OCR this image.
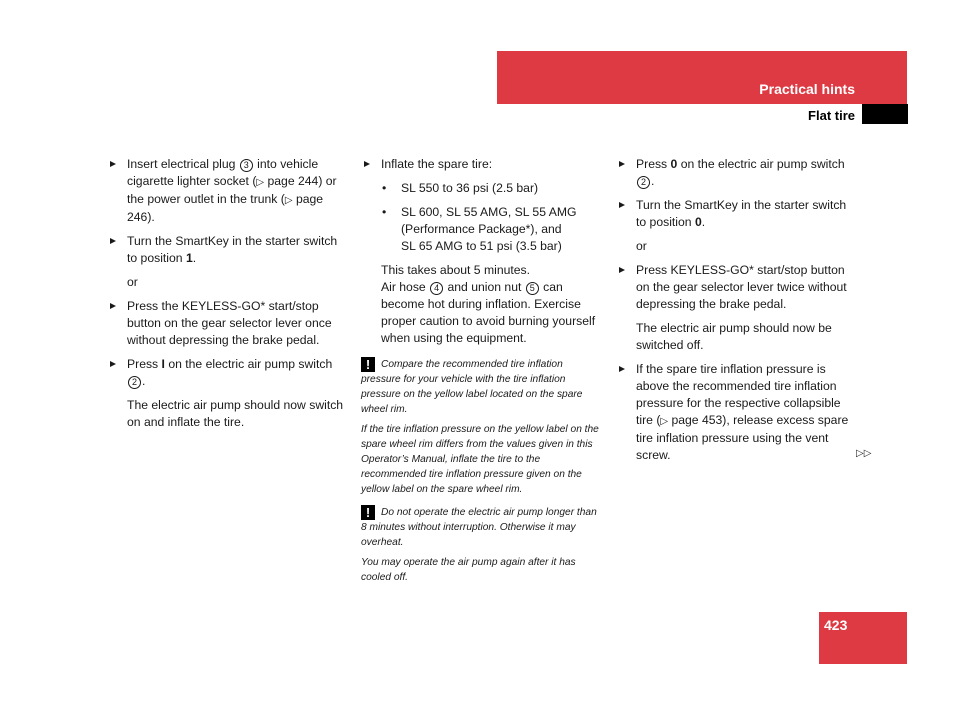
Practical hints
Flat tire
Insert electrical plug 3 into vehicle cigarette lighter socket (▷ page 244) or the power outlet in the trunk (▷ page 246).
Turn the SmartKey in the starter switch to position 1.
or
Press the KEYLESS-GO* start/stop button on the gear selector lever once without depressing the brake pedal.
Press I on the electric air pump switch 2 .
The electric air pump should now switch on and inflate the tire.
Inflate the spare tire:
• SL 550 to 36 psi (2.5 bar)
• SL 600, SL 55 AMG, SL 55 AMG
(Performance Package*), and
SL 65 AMG to 51 psi (3.5 bar)
This takes about 5 minutes.
Air hose 4 and union nut 5 can become hot during inflation. Exercise proper caution to avoid burning yourself when using the equipment.

! Compare the recommended tire inflation pressure for your vehicle with the tire inflation pressure on the yellow label located on the spare wheel rim.

If the tire inflation pressure on the yellow label on the spare wheel rim differs from the values given in this Operator’s Manual, inflate the tire to the recommended tire inflation pressure given on the yellow label on the spare wheel rim.

! Do not operate the electric air pump longer than 8 minutes without interruption. Otherwise it may overheat.

You may operate the air pump again after it has cooled off.

Press 0 on the electric air pump switch 2 .
Turn the SmartKey in the starter switch to position 0.
or
Press KEYLESS-GO* start/stop button on the gear selector lever twice without depressing the brake pedal.
The electric air pump should now be switched off.
If the spare tire inflation pressure is above the recommended tire inflation pressure for the respective collapsible tire (▷ page 453), release excess spare tire inflation pressure using the vent screw.	▷▷
423
